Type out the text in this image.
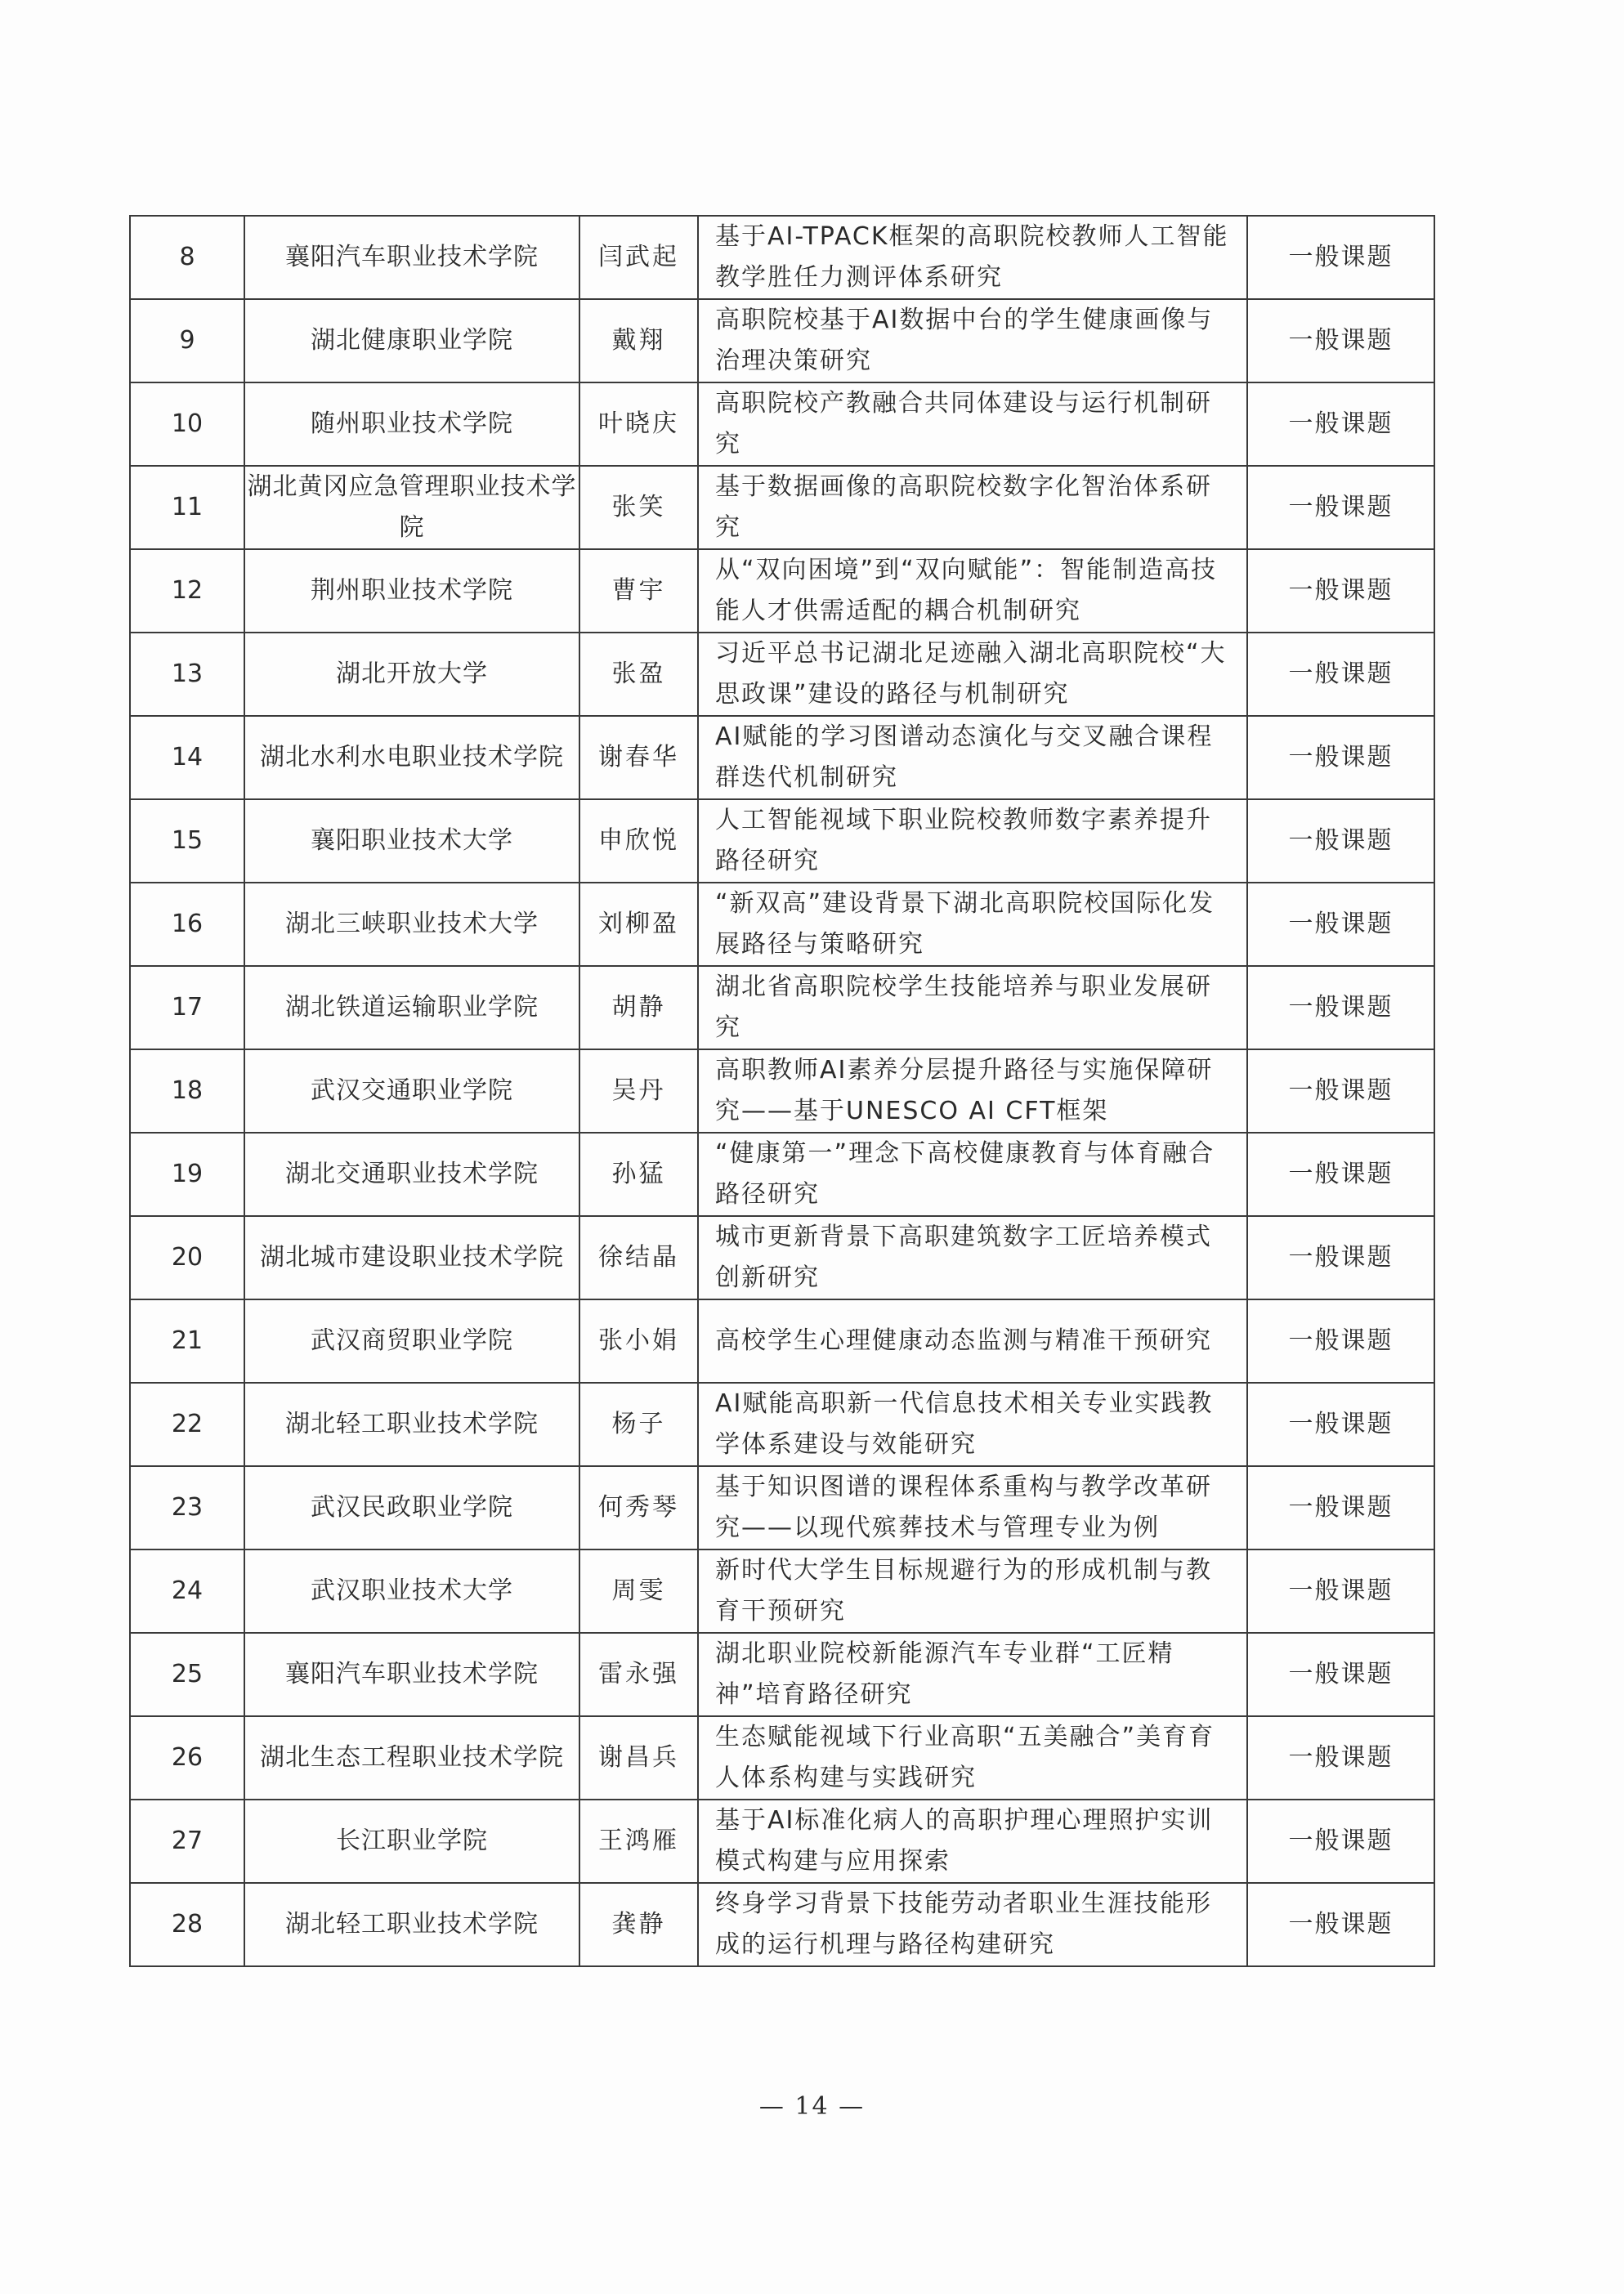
8	襄阳汽车职业技术学院	闫武起	基于AI-TPACK框架的高职院校教师人工智能教学胜任力测评体系研究	一般课题
9	湖北健康职业学院	戴翔	高职院校基于AI数据中台的学生健康画像与治理决策研究	一般课题
10	随州职业技术学院	叶晓庆	高职院校产教融合共同体建设与运行机制研究	一般课题
11	湖北黄冈应急管理职业技术学院	张笑	基于数据画像的高职院校数字化智治体系研究	一般课题
12	荆州职业技术学院	曹宇	从“双向困境”到“双向赋能”：智能制造高技能人才供需适配的耦合机制研究	一般课题
13	湖北开放大学	张盈	习近平总书记湖北足迹融入湖北高职院校“大思政课”建设的路径与机制研究	一般课题
14	湖北水利水电职业技术学院	谢春华	AI赋能的学习图谱动态演化与交叉融合课程群迭代机制研究	一般课题
15	襄阳职业技术大学	申欣悦	人工智能视域下职业院校教师数字素养提升路径研究	一般课题
16	湖北三峡职业技术大学	刘柳盈	“新双高”建设背景下湖北高职院校国际化发展路径与策略研究	一般课题
17	湖北铁道运输职业学院	胡静	湖北省高职院校学生技能培养与职业发展研究	一般课题
18	武汉交通职业学院	吴丹	高职教师AI素养分层提升路径与实施保障研究——基于UNESCO AI CFT框架	一般课题
19	湖北交通职业技术学院	孙猛	“健康第一”理念下高校健康教育与体育融合路径研究	一般课题
20	湖北城市建设职业技术学院	徐结晶	城市更新背景下高职建筑数字工匠培养模式创新研究	一般课题
21	武汉商贸职业学院	张小娟	高校学生心理健康动态监测与精准干预研究	一般课题
22	湖北轻工职业技术学院	杨子	AI赋能高职新一代信息技术相关专业实践教学体系建设与效能研究	一般课题
23	武汉民政职业学院	何秀琴	基于知识图谱的课程体系重构与教学改革研究——以现代殡葬技术与管理专业为例	一般课题
24	武汉职业技术大学	周雯	新时代大学生目标规避行为的形成机制与教育干预研究	一般课题
25	襄阳汽车职业技术学院	雷永强	湖北职业院校新能源汽车专业群“工匠精神”培育路径研究	一般课题
26	湖北生态工程职业技术学院	谢昌兵	生态赋能视域下行业高职“五美融合”美育育人体系构建与实践研究	一般课题
27	长江职业学院	王鸿雁	基于AI标准化病人的高职护理心理照护实训模式构建与应用探索	一般课题
28	湖北轻工职业技术学院	龚静	终身学习背景下技能劳动者职业生涯技能形成的运行机理与路径构建研究	一般课题
— 14 —
